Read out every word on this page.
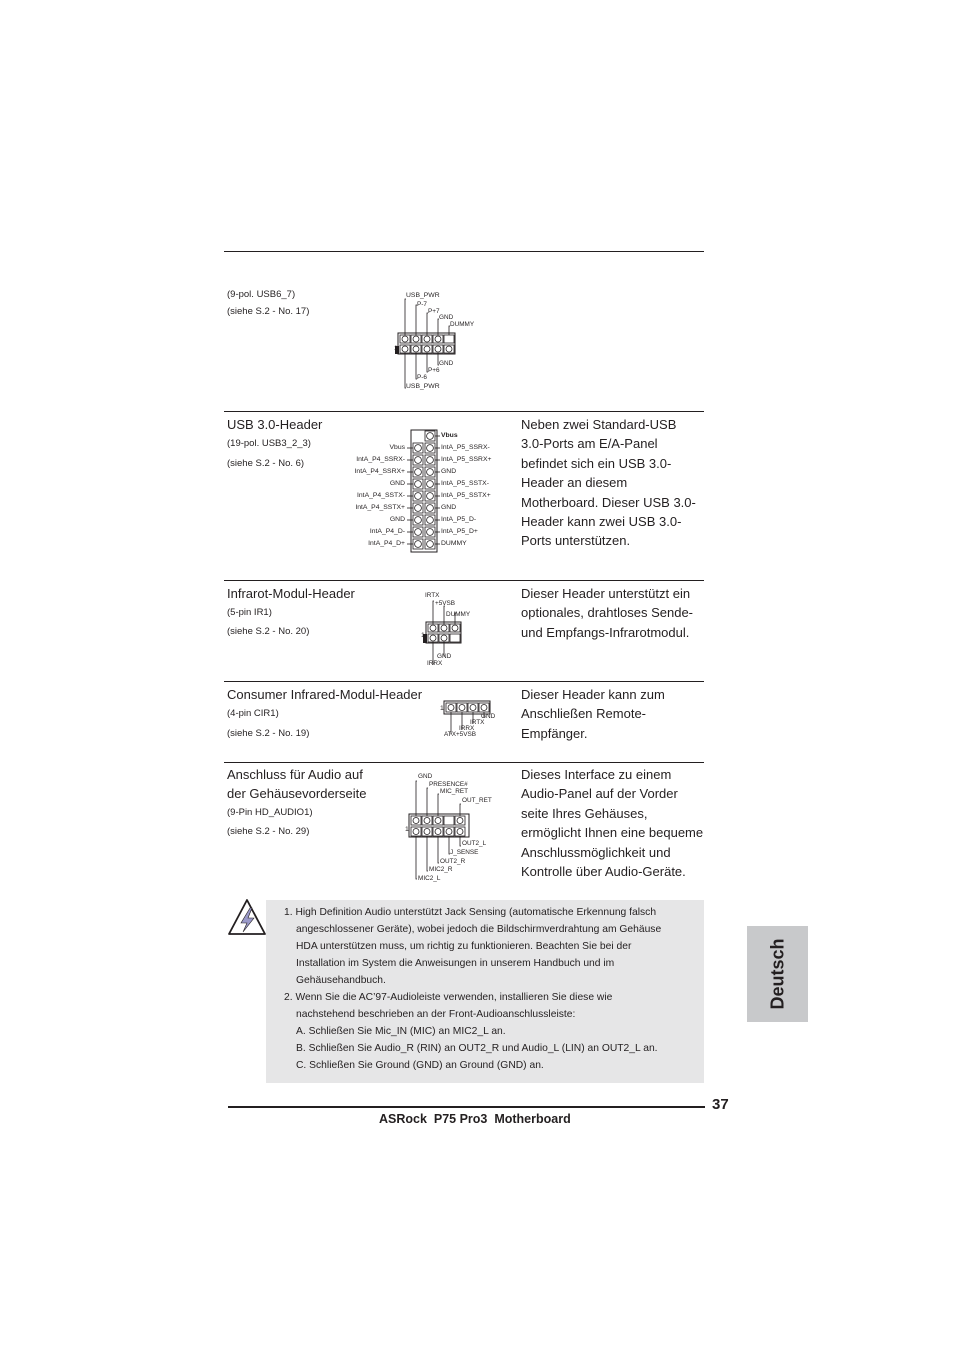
(9-pol. USB6_7)
(siehe S.2 - No. 17)
USB_PWR
P-7
P+7
GND
DUMMY
GND
P+6
P-6
USB_PWR
1
USB 3.0-Header
(19-pol. USB3_2_3)
(siehe S.2 - No. 6)
Vbus
IntA_P5_SSRX-
IntA_P5_SSRX+
GND
IntA_P5_SSTX-
IntA_P5_SSTX+
GND
IntA_P5_D-
IntA_P5_D+
DUMMY
Vbus
IntA_P4_SSRX-
IntA_P4_SSRX+
GND
IntA_P4_SSTX-
IntA_P4_SSTX+
GND
IntA_P4_D-
IntA_P4_D+
Neben zwei Standard-USB
3.0-Ports am E/A-Panel
befindet sich ein USB 3.0-
Header an diesem
Motherboard. Dieser USB 3.0-
Header kann zwei USB 3.0-
Ports unterstützen.
Infrarot-Modul-Header
(5-pin IR1)
(siehe S.2 - No. 20)
IRTX
+5VSB
DUMMY
GND
IRRX
1
Dieser Header unterstützt ein
optionales, drahtloses Sende-
und Empfangs-Infrarotmodul.
Consumer Infrared-Modul-Header
(4-pin CIR1)
(siehe S.2 - No. 19)
1
GND
IRTX
IRRX
ATX+5VSB
Dieser Header kann zum
Anschließen Remote-
Empfänger.
Anschluss für Audio auf
der Gehäusevorderseite
(9-Pin HD_AUDIO1)
(siehe S.2 - No. 29)
GND
PRESENCE#
MIC_RET
OUT_RET
OUT2_L
J_SENSE
OUT2_R
MIC2_R
MIC2_L
1
Dieses Interface zu einem
Audio-Panel auf der Vorder
seite Ihres Gehäuses,
ermöglicht Ihnen eine bequeme
Anschlussmöglichkeit und
Kontrolle über Audio-Geräte.
1. High Definition Audio unterstützt Jack Sensing (automatische Erkennung falsch
angeschlossener Geräte), wobei jedoch die Bildschirmverdrahtung am Gehäuse
HDA unterstützen muss, um richtig zu funktionieren. Beachten Sie bei der
Installation im System die Anweisungen in unserem Handbuch und im
Gehäusehandbuch.
2. Wenn Sie die AC’97-Audioleiste verwenden, installieren Sie diese wie
nachstehend beschrieben an der Front-Audioanschlussleiste:
A. Schließen Sie Mic_IN (MIC) an MIC2_L an.
B. Schließen Sie Audio_R (RIN) an OUT2_R und Audio_L (LIN) an OUT2_L an.
C. Schließen Sie Ground (GND) an Ground (GND) an.
Deutsch
37
ASRock  P75 Pro3  Motherboard
